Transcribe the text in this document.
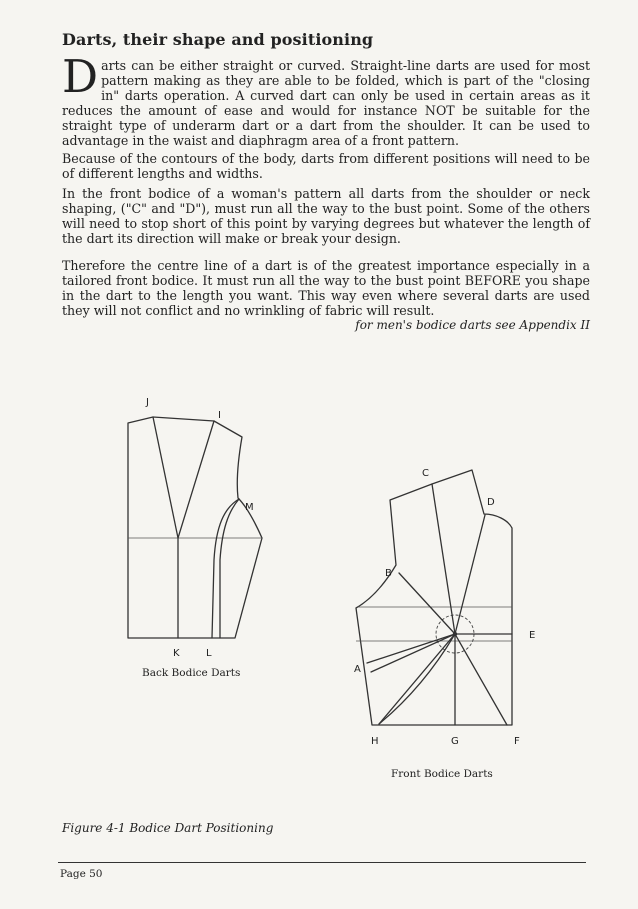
Darts, their shape and positioning
Darts can be either straight or curved. Straight-line darts are used for most pattern making as they are able to be folded, which is part of the "closing in" darts operation. A curved dart can only be used in certain areas as it reduces the amount of ease and would for instance NOT be suitable for the straight type of underarm dart or a dart from the shoulder. It can be used to advantage in the waist and diaphragm area of a front pattern.
Because of the contours of the body, darts from different positions will need to be of different lengths and widths.
In the front bodice of a woman's pattern all darts from the shoulder or neck shaping, ("C" and "D"), must run all the way to the bust point. Some of the others will need to stop short of this point by varying degrees but whatever the length of the dart its direction will make or break your design.
Therefore the centre line of a dart is of the greatest importance especially in a tailored front bodice. It must run all the way to the bust point BEFORE you shape in the dart to the length you want. This way even where several darts are used they will not conflict and no wrinkling of fabric will result.
for men's bodice darts see Appendix II
J
I
M
K	L
C
D
B
E
A
H	G	F
Back Bodice Darts
Front Bodice Darts
Figure 4-1 Bodice Dart Positioning
Page 50
